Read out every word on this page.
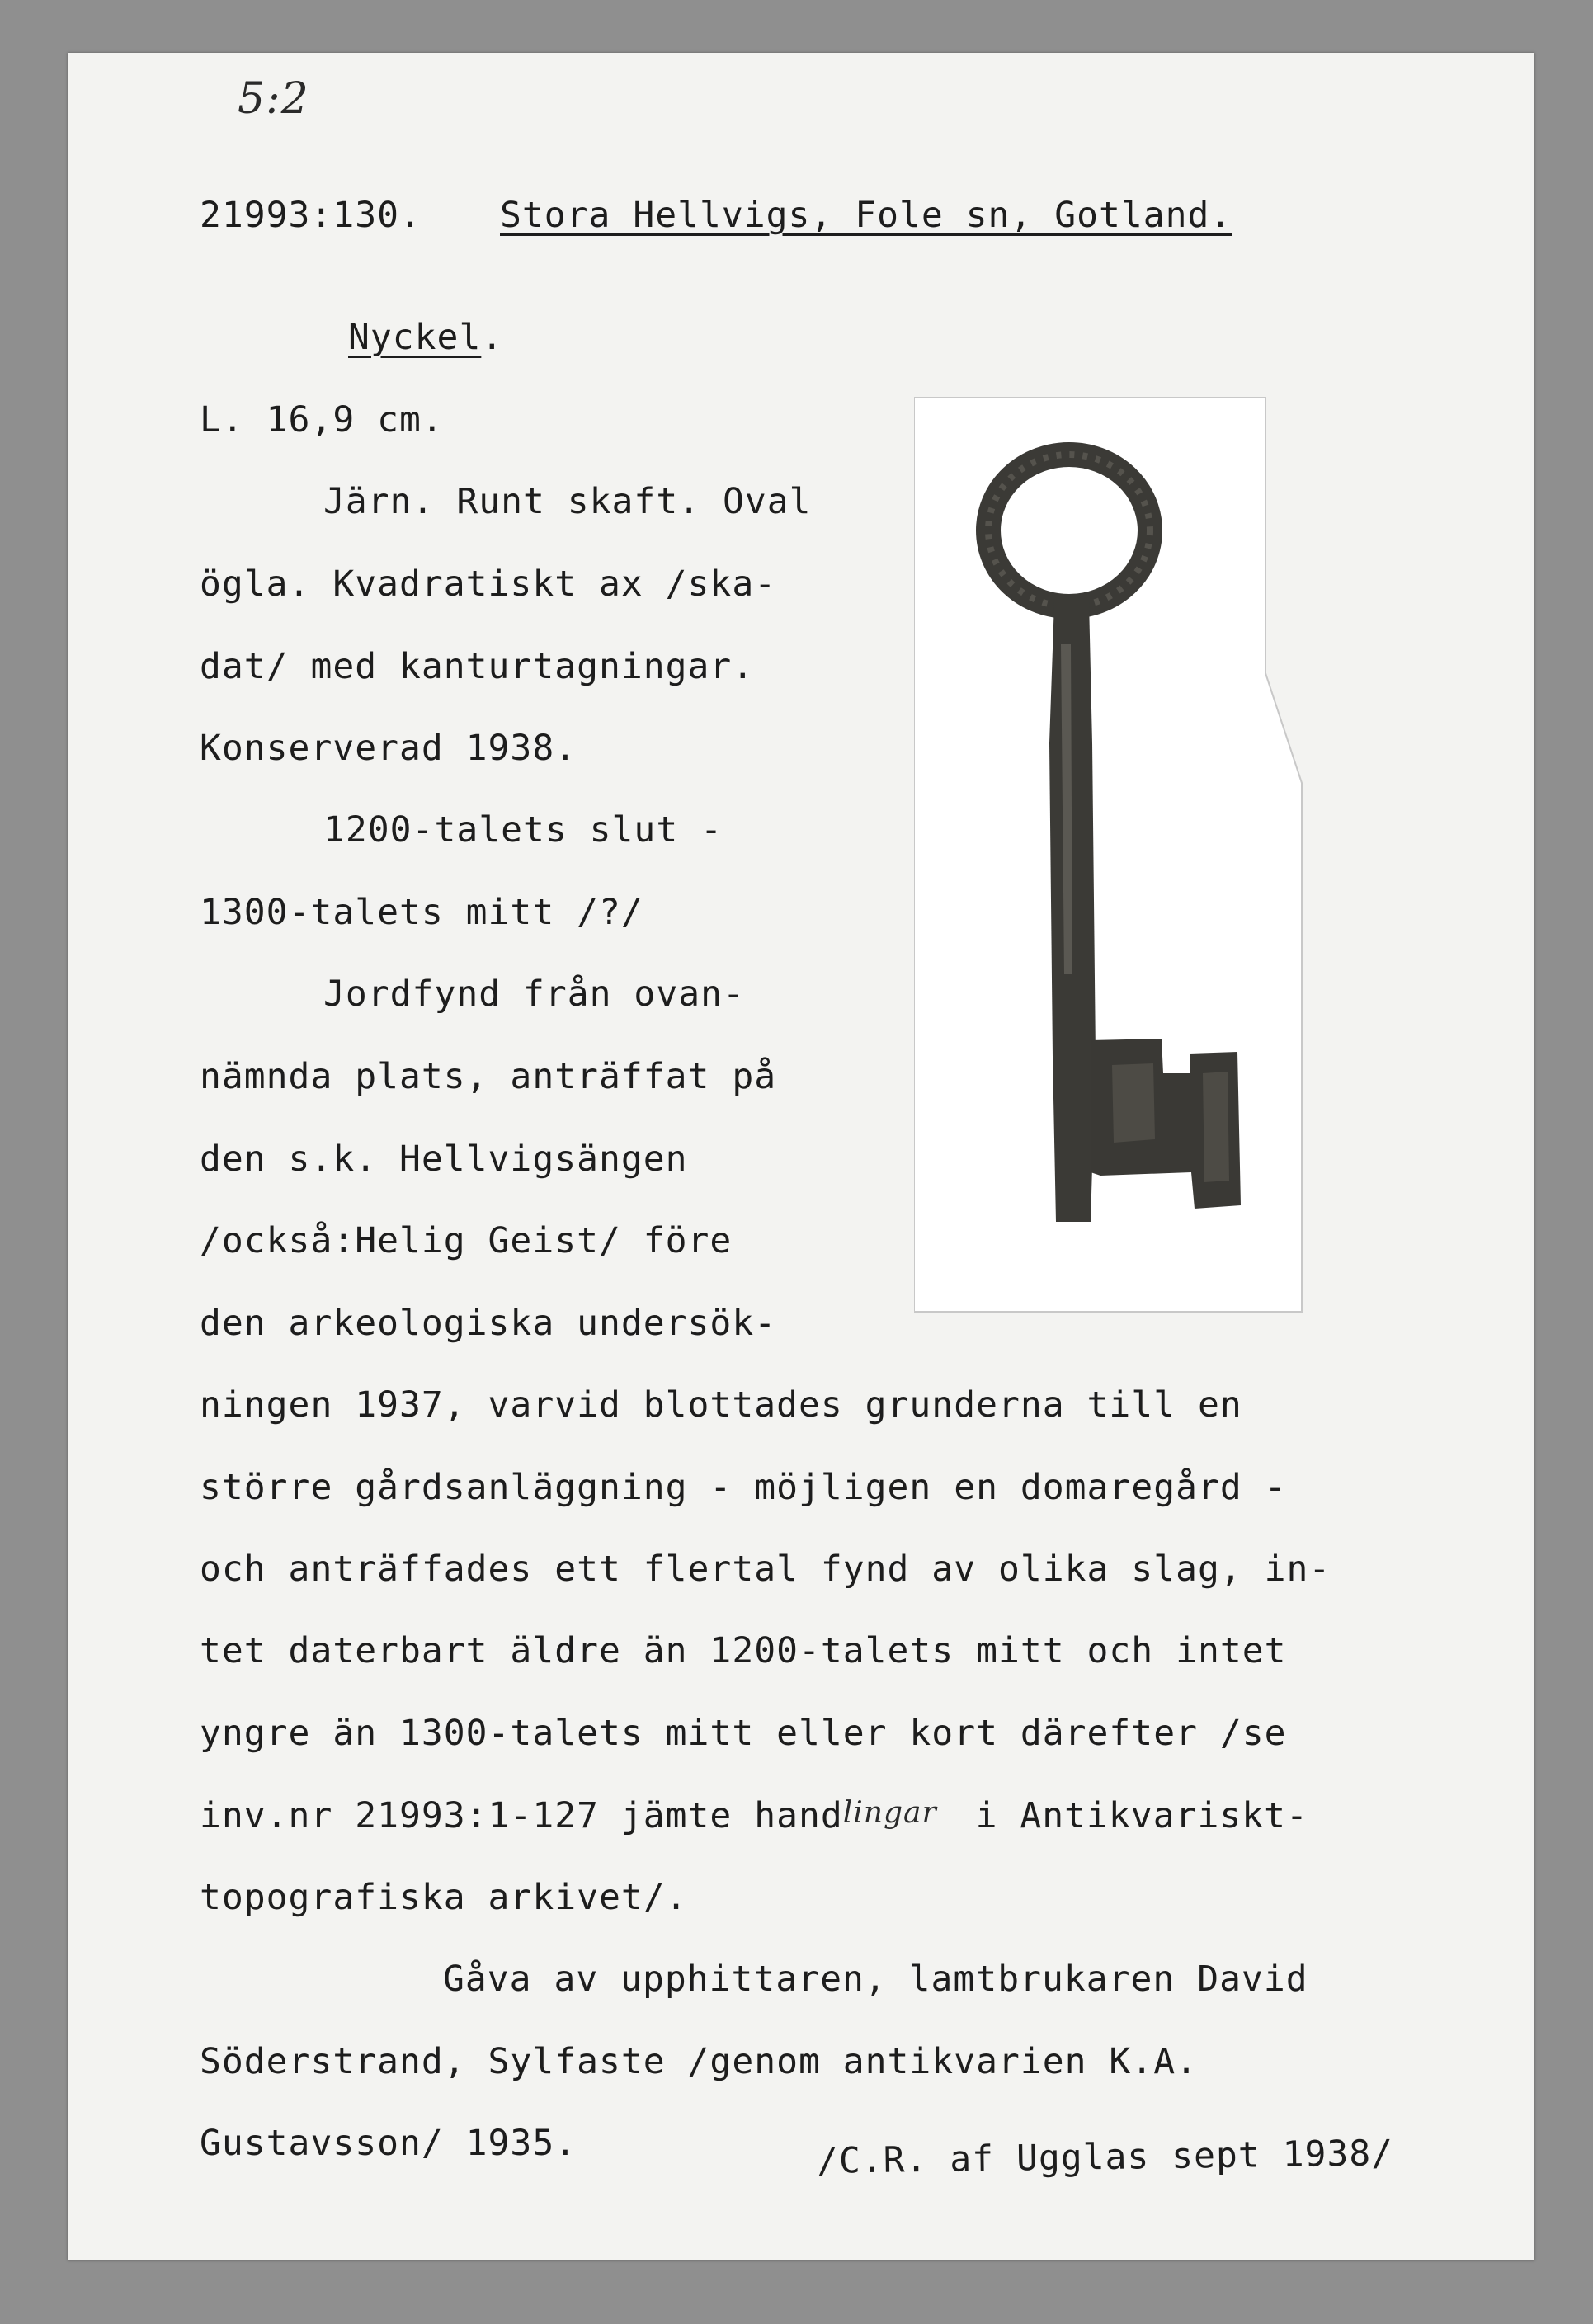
5:2
21993:130. Stora Hellvigs, Fole sn, Gotland.
Nyckel.
L. 16,9 cm.
Järn. Runt skaft. Oval
ögla. Kvadratiskt ax /ska-
dat/ med kanturtagningar.
Konserverad 1938.
1200-talets slut -
1300-talets mitt /?/
Jordfynd från ovan-
nämnda plats, anträffat på
den s.k. Hellvigsängen
/också:Helig Geist/ före
den arkeologiska undersök-
ningen 1937, varvid blottades grunderna till en
större gårdsanläggning - möjligen en domaregård -
och anträffades ett flertal fynd av olika slag, in-
tet daterbart äldre än 1200-talets mitt och intet
yngre än 1300-talets mitt eller kort därefter /se
inv.nr 21993:1-127 jämte handlingar i Antikvariskt-
topografiska arkivet/.
Gåva av upphittaren, lamtbrukaren David
Söderstrand, Sylfaste /genom antikvarien K.A.
Gustavsson/ 1935.	/C.R. af Ugglas sept 1938/
